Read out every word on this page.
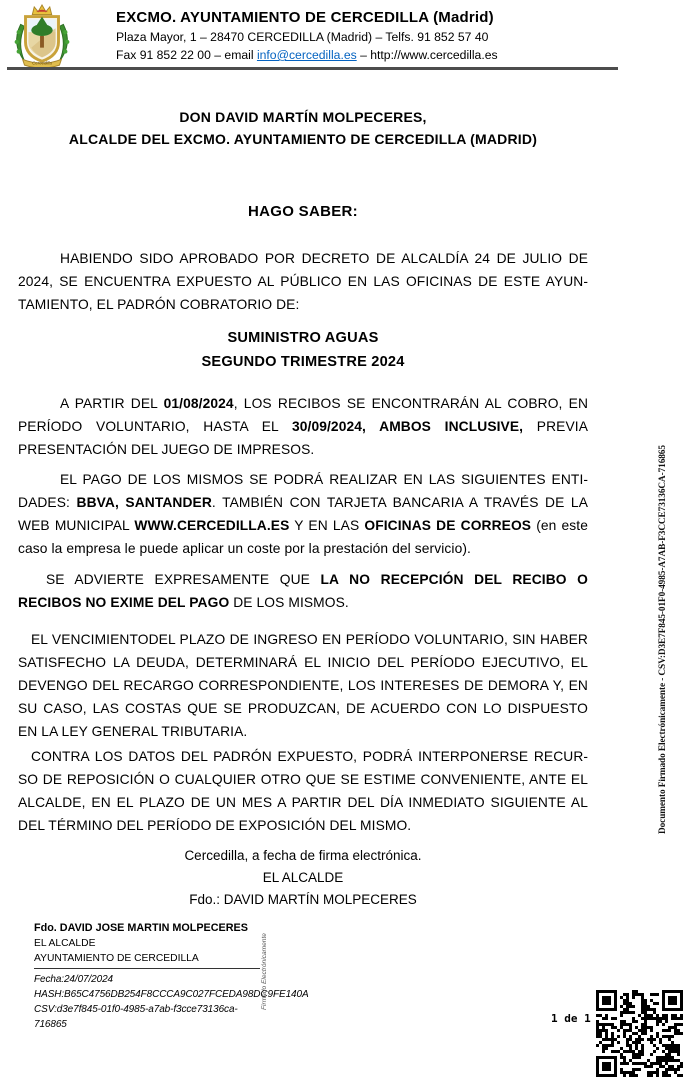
Cercedilla
EXCMO. AYUNTAMIENTO DE CERCEDILLA (Madrid)
Plaza Mayor, 1 – 28470 CERCEDILLA (Madrid) – Telfs. 91 852 57 40
Fax 91 852 22 00 – email info@cercedilla.es – http://www.cercedilla.es
DON DAVID MARTÍN MOLPECERES,
ALCALDE DEL EXCMO. AYUNTAMIENTO DE CERCEDILLA (MADRID)
HAGO SABER:

HABIENDO SIDO APROBADO POR DECRETO DE ALCALDÍA 24 DE JULIO DE 2024, SE ENCUENTRA EXPUESTO AL PÚBLICO EN LAS OFICINAS DE ESTE AYUNTAMIENTO, EL PADRÓN COBRATORIO DE:

SUMINISTRO AGUAS
SEGUNDO TRIMESTRE 2024

A PARTIR DEL 01/08/2024, LOS RECIBOS SE ENCONTRARÁN AL COBRO, EN PERÍODO VOLUNTARIO, HASTA EL 30/09/2024, AMBOS INCLUSIVE, PREVIA PRESENTACIÓN DEL JUEGO DE IMPRESOS.

EL PAGO DE LOS MISMOS SE PODRÁ REALIZAR EN LAS SIGUIENTES ENTIDADES: BBVA, SANTANDER. TAMBIÉN CON TARJETA BANCARIA A TRAVÉS DE LA WEB MUNICIPAL WWW.CERCEDILLA.ES Y EN LAS OFICINAS DE CORREOS (en este caso la empresa le puede aplicar un coste por la prestación del servicio).

SE ADVIERTE EXPRESAMENTE QUE LA NO RECEPCIÓN DEL RECIBO O RECIBOS NO EXIME DEL PAGO DE LOS MISMOS.

EL VENCIMIENTODEL PLAZO DE INGRESO EN PERÍODO VOLUNTARIO, SIN HABER SATISFECHO LA DEUDA, DETERMINARÁ EL INICIO DEL PERÍODO EJECUTIVO, EL DEVENGO DEL RECARGO CORRESPONDIENTE, LOS INTERESES DE DEMORA Y, EN SU CASO, LAS COSTAS QUE SE PRODUZCAN, DE ACUERDO CON LO DISPUESTO EN LA LEY GENERAL TRIBUTARIA.

CONTRA LOS DATOS DEL PADRÓN EXPUESTO, PODRÁ INTERPONERSE RECURSO DE REPOSICIÓN O CUALQUIER OTRO QUE SE ESTIME CONVENIENTE, ANTE EL ALCALDE, EN EL PLAZO DE UN MES A PARTIR DEL DÍA INMEDIATO SIGUIENTE AL DEL TÉRMINO DEL PERÍODO DE EXPOSICIÓN DEL MISMO.

Cercedilla, a fecha de firma electrónica.
EL ALCALDE
Fdo.: DAVID MARTÍN MOLPECERES
Fdo. DAVID JOSE MARTIN MOLPECERES
EL ALCALDE
AYUNTAMIENTO DE CERCEDILLA
Fecha:24/07/2024
HASH:B65C4756DB254F8CCCA9C027FCEDA98DC9FE140A
CSV:d3e7f845-01f0-4985-a7ab-f3cce73136ca-716865
Firmado Electrónicamente
Documento Firmado Electrónicamente - CSV:D3E7F845-01F0-4985-A7AB-F3CCE73136CA-716865
1 de 1
